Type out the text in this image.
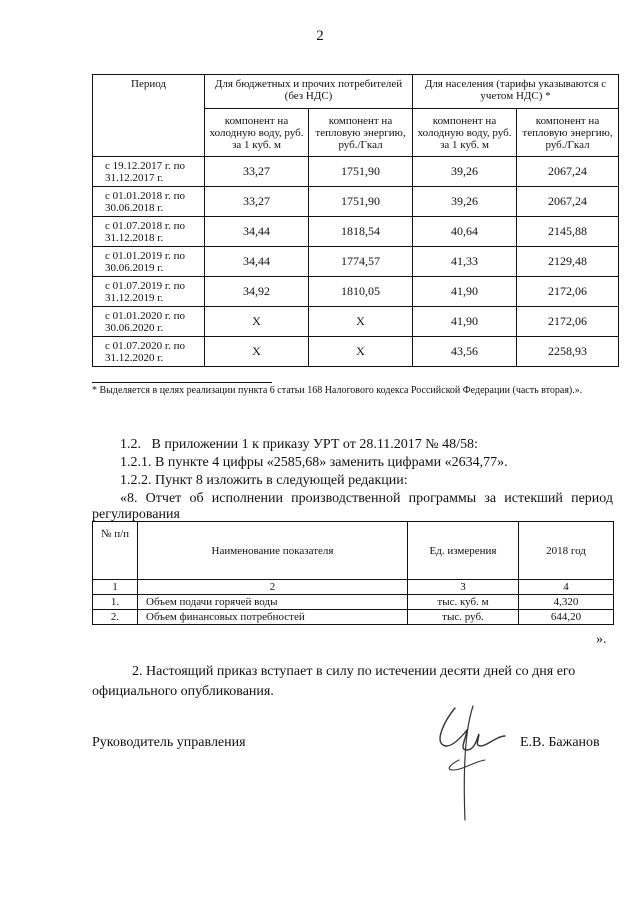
2
Период	Для бюджетных и прочих потребителей (без НДС)		Для населения (тарифы указываются с учетом НДС) *	
	компонент на холодную воду, руб. за 1 куб. м	компонент на тепловую энергию, руб./Гкал	компонент на холодную воду, руб. за 1 куб. м	компонент на тепловую энергию, руб./Гкал
с 19.12.2017 г. по 31.12.2017 г.	33,27	1751,90	39,26	2067,24
с 01.01.2018 г. по 30.06.2018 г.	33,27	1751,90	39,26	2067,24
с 01.07.2018 г. по 31.12.2018 г.	34,44	1818,54	40,64	2145,88
с 01.01.2019 г. по 30.06.2019 г.	34,44	1774,57	41,33	2129,48
с 01.07.2019 г. по 31.12.2019 г.	34,92	1810,05	41,90	2172,06
с 01.01.2020 г. по 30.06.2020 г.	X	X	41,90	2172,06
с 01.07.2020 г. по 31.12.2020 г.	X	X	43,56	2258,93
* Выделяется в целях реализации пункта 6 статьи 168 Налогового кодекса Российской Федерации (часть вторая).».
1.2.   В приложении 1 к приказу УРТ от 28.11.2017 № 48/58:
1.2.1. В пункте 4 цифры «2585,68» заменить цифрами «2634,77».
1.2.2. Пункт 8 изложить в следующей редакции:
«8. Отчет об исполнении производственной программы за истекший период регулирования
№ п/п	Наименование показателя	Ед. измерения	2018 год
1	2	3	4
1.	Объем подачи горячей воды	тыс. куб. м	4,320
2.	Объем финансовых потребностей	тыс. руб.	644,20
».
2. Настоящий приказ вступает в силу по истечении десяти дней со дня его официального опубликования.
Руководитель управления	Е.В. Бажанов
